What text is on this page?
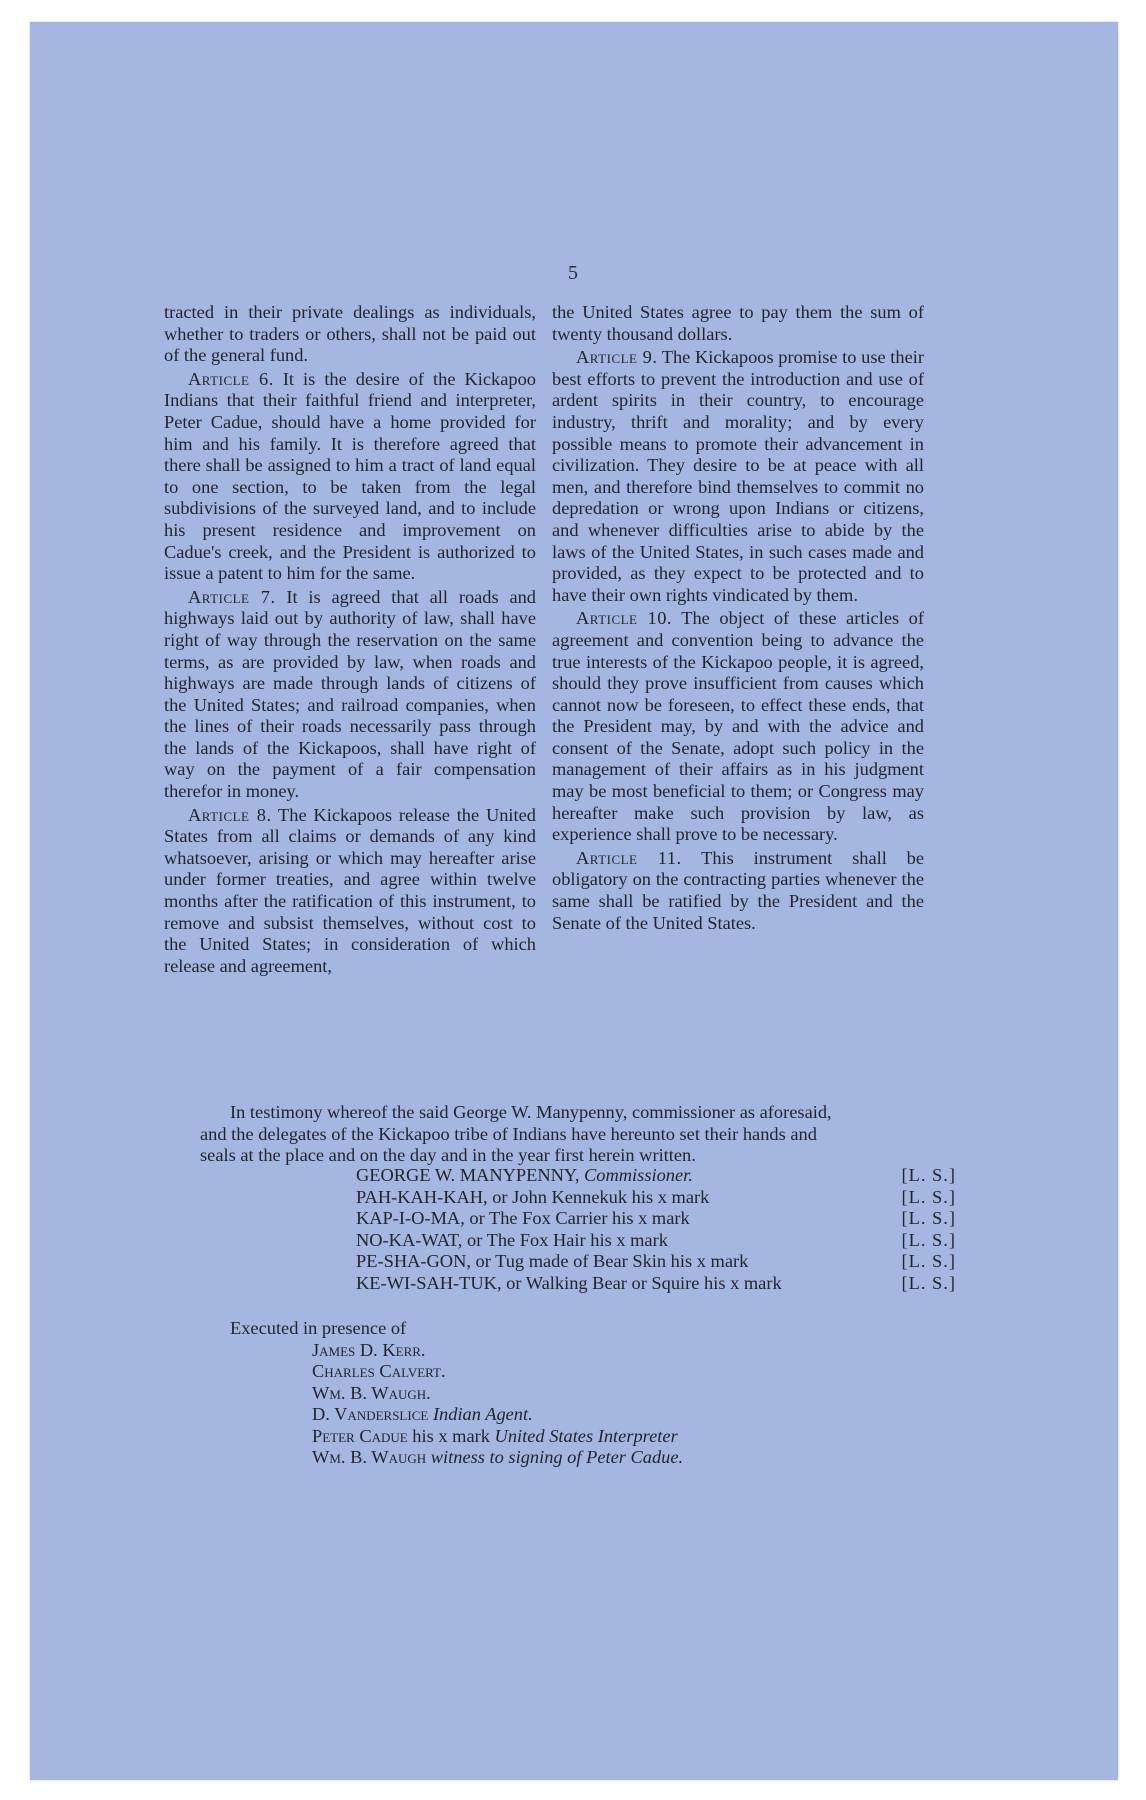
5

tracted in their private dealings as individuals, whether to traders or others, shall not be paid out of the general fund.

Article 6. It is the desire of the Kickapoo Indians that their faithful friend and interpreter, Peter Cadue, should have a home provided for him and his family. It is therefore agreed that there shall be assigned to him a tract of land equal to one section, to be taken from the legal subdivisions of the surveyed land, and to include his present residence and improvement on Cadue's creek, and the President is authorized to issue a patent to him for the same.

Article 7. It is agreed that all roads and highways laid out by authority of law, shall have right of way through the reservation on the same terms, as are provided by law, when roads and highways are made through lands of citizens of the United States; and railroad companies, when the lines of their roads necessarily pass through the lands of the Kickapoos, shall have right of way on the payment of a fair compensation therefor in money.

Article 8. The Kickapoos release the United States from all claims or demands of any kind whatsoever, arising or which may hereafter arise under former treaties, and agree within twelve months after the ratification of this instrument, to remove and subsist themselves, without cost to the United States; in consideration of which release and agreement,

the United States agree to pay them the sum of twenty thousand dollars.

Article 9. The Kickapoos promise to use their best efforts to prevent the introduction and use of ardent spirits in their country, to encourage industry, thrift and morality; and by every possible means to promote their advancement in civilization. They desire to be at peace with all men, and therefore bind themselves to commit no depredation or wrong upon Indians or citizens, and whenever difficulties arise to abide by the laws of the United States, in such cases made and provided, as they expect to be protected and to have their own rights vindicated by them.

Article 10. The object of these articles of agreement and convention being to advance the true interests of the Kickapoo people, it is agreed, should they prove insufficient from causes which cannot now be foreseen, to effect these ends, that the President may, by and with the advice and consent of the Senate, adopt such policy in the management of their affairs as in his judgment may be most beneficial to them; or Congress may hereafter make such provision by law, as experience shall prove to be necessary.

Article 11. This instrument shall be obligatory on the contracting parties whenever the same shall be ratified by the President and the Senate of the United States.

In testimony whereof the said George W. Manypenny, commissioner as aforesaid,
and the delegates of the Kickapoo tribe of Indians have hereunto set their hands and
seals at the place and on the day and in the year first herein written.
GEORGE W. MANYPENNY, Commissioner.	[L. S.]
PAH-KAH-KAH, or John Kennekuk his x mark	[L. S.]
KAP-I-O-MA, or The Fox Carrier his x mark	[L. S.]
NO-KA-WAT, or The Fox Hair his x mark	[L. S.]
PE-SHA-GON, or Tug made of Bear Skin his x mark	[L. S.]
KE-WI-SAH-TUK, or Walking Bear or Squire his x mark	[L. S.]
Executed in presence of
James D. Kerr.
Charles Calvert.
Wm. B. Waugh.
D. Vanderslice Indian Agent.
Peter Cadue his x mark United States Interpreter
Wm. B. Waugh witness to signing of Peter Cadue.
